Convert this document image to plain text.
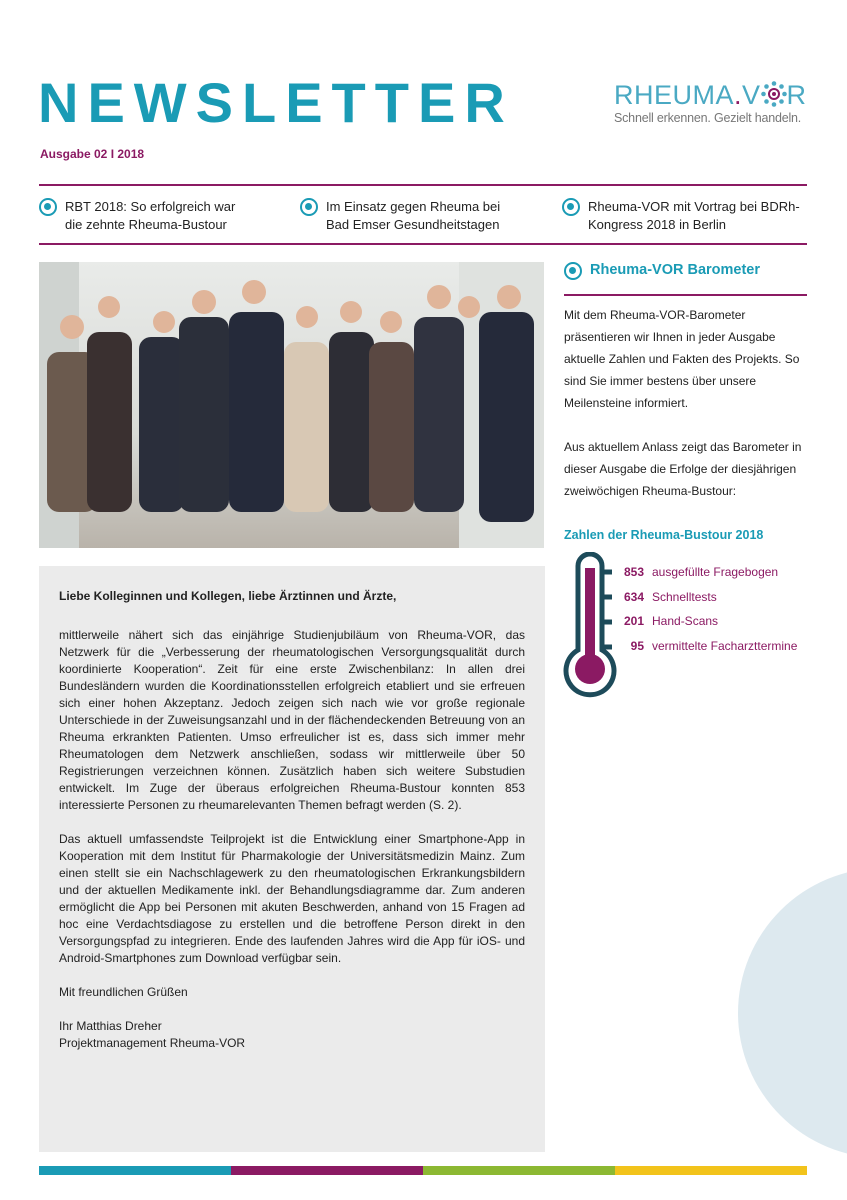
NEWSLETTER
Ausgabe 02 I 2018
RHEUMA.V R
Schnell erkennen. Gezielt handeln.
RBT 2018: So erfolgreich war
die zehnte Rheuma-Bustour
Im Einsatz gegen Rheuma bei
Bad Emser Gesundheitstagen
Rheuma-VOR mit Vortrag bei BDRh-
Kongress 2018 in Berlin

Liebe Kolleginnen und Kollegen, liebe Ärztinnen und Ärzte,

mittlerweile nähert sich das einjährige Studienjubiläum von Rheuma-VOR, das Netzwerk für die „Verbesserung der rheumatologischen Versorgungsqualität durch koordinierte Kooperation“. Zeit für eine erste Zwischenbilanz: In allen drei Bundesländern wurden die Koordinationsstellen erfolgreich etabliert und sie erfreuen sich einer hohen Akzeptanz. Jedoch zeigen sich nach wie vor große regionale Unterschiede in der Zuweisungsanzahl und in der flächendeckenden Betreuung von an Rheuma erkrankten Patienten. Umso erfreulicher ist es, dass sich immer mehr Rheumatologen dem Netzwerk anschließen, sodass wir mittlerweile über 50 Registrierungen verzeichnen können. Zusätzlich haben sich weitere Substudien entwickelt. Im Zuge der überaus erfolgreichen Rheuma-Bustour konnten 853 interessierte Personen zu rheumarelevanten Themen befragt werden (S. 2).

Das aktuell umfassendste Teilprojekt ist die Entwicklung einer Smartphone-App in Kooperation mit dem Institut für Pharmakologie der Universitätsmedizin Mainz. Zum einen stellt sie ein Nachschlagewerk zu den rheumatologischen Erkrankungsbildern und der aktuellen Medikamente inkl. der Behandlungsdiagramme dar. Zum anderen ermöglicht die App bei Personen mit akuten Beschwerden, anhand von 15 Fragen ad hoc eine Verdachtsdiagose zu erstellen und die betroffene Person direkt in den Versorgungspfad zu integrieren. Ende des laufenden Jahres wird die App für iOS- und Android-Smartphones zum Download verfügbar sein.

Mit freundlichen Grüßen

Ihr Matthias Dreher
Projektmanagement Rheuma-VOR
Rheuma-VOR Barometer

Mit dem Rheuma-VOR-Barometer präsentieren wir Ihnen in jeder Ausgabe aktuelle Zahlen und Fakten des Projekts. So sind Sie immer bestens über unsere Meilensteine informiert.

Aus aktuellem Anlass zeigt das Barometer in dieser Ausgabe die Erfolge der diesjährigen zweiwöchigen Rheuma-Bustour:

Zahlen der Rheuma-Bustour 2018
853 ausgefüllte Fragebogen
634 Schnelltests
201 Hand-Scans
95 vermittelte Facharzttermine
